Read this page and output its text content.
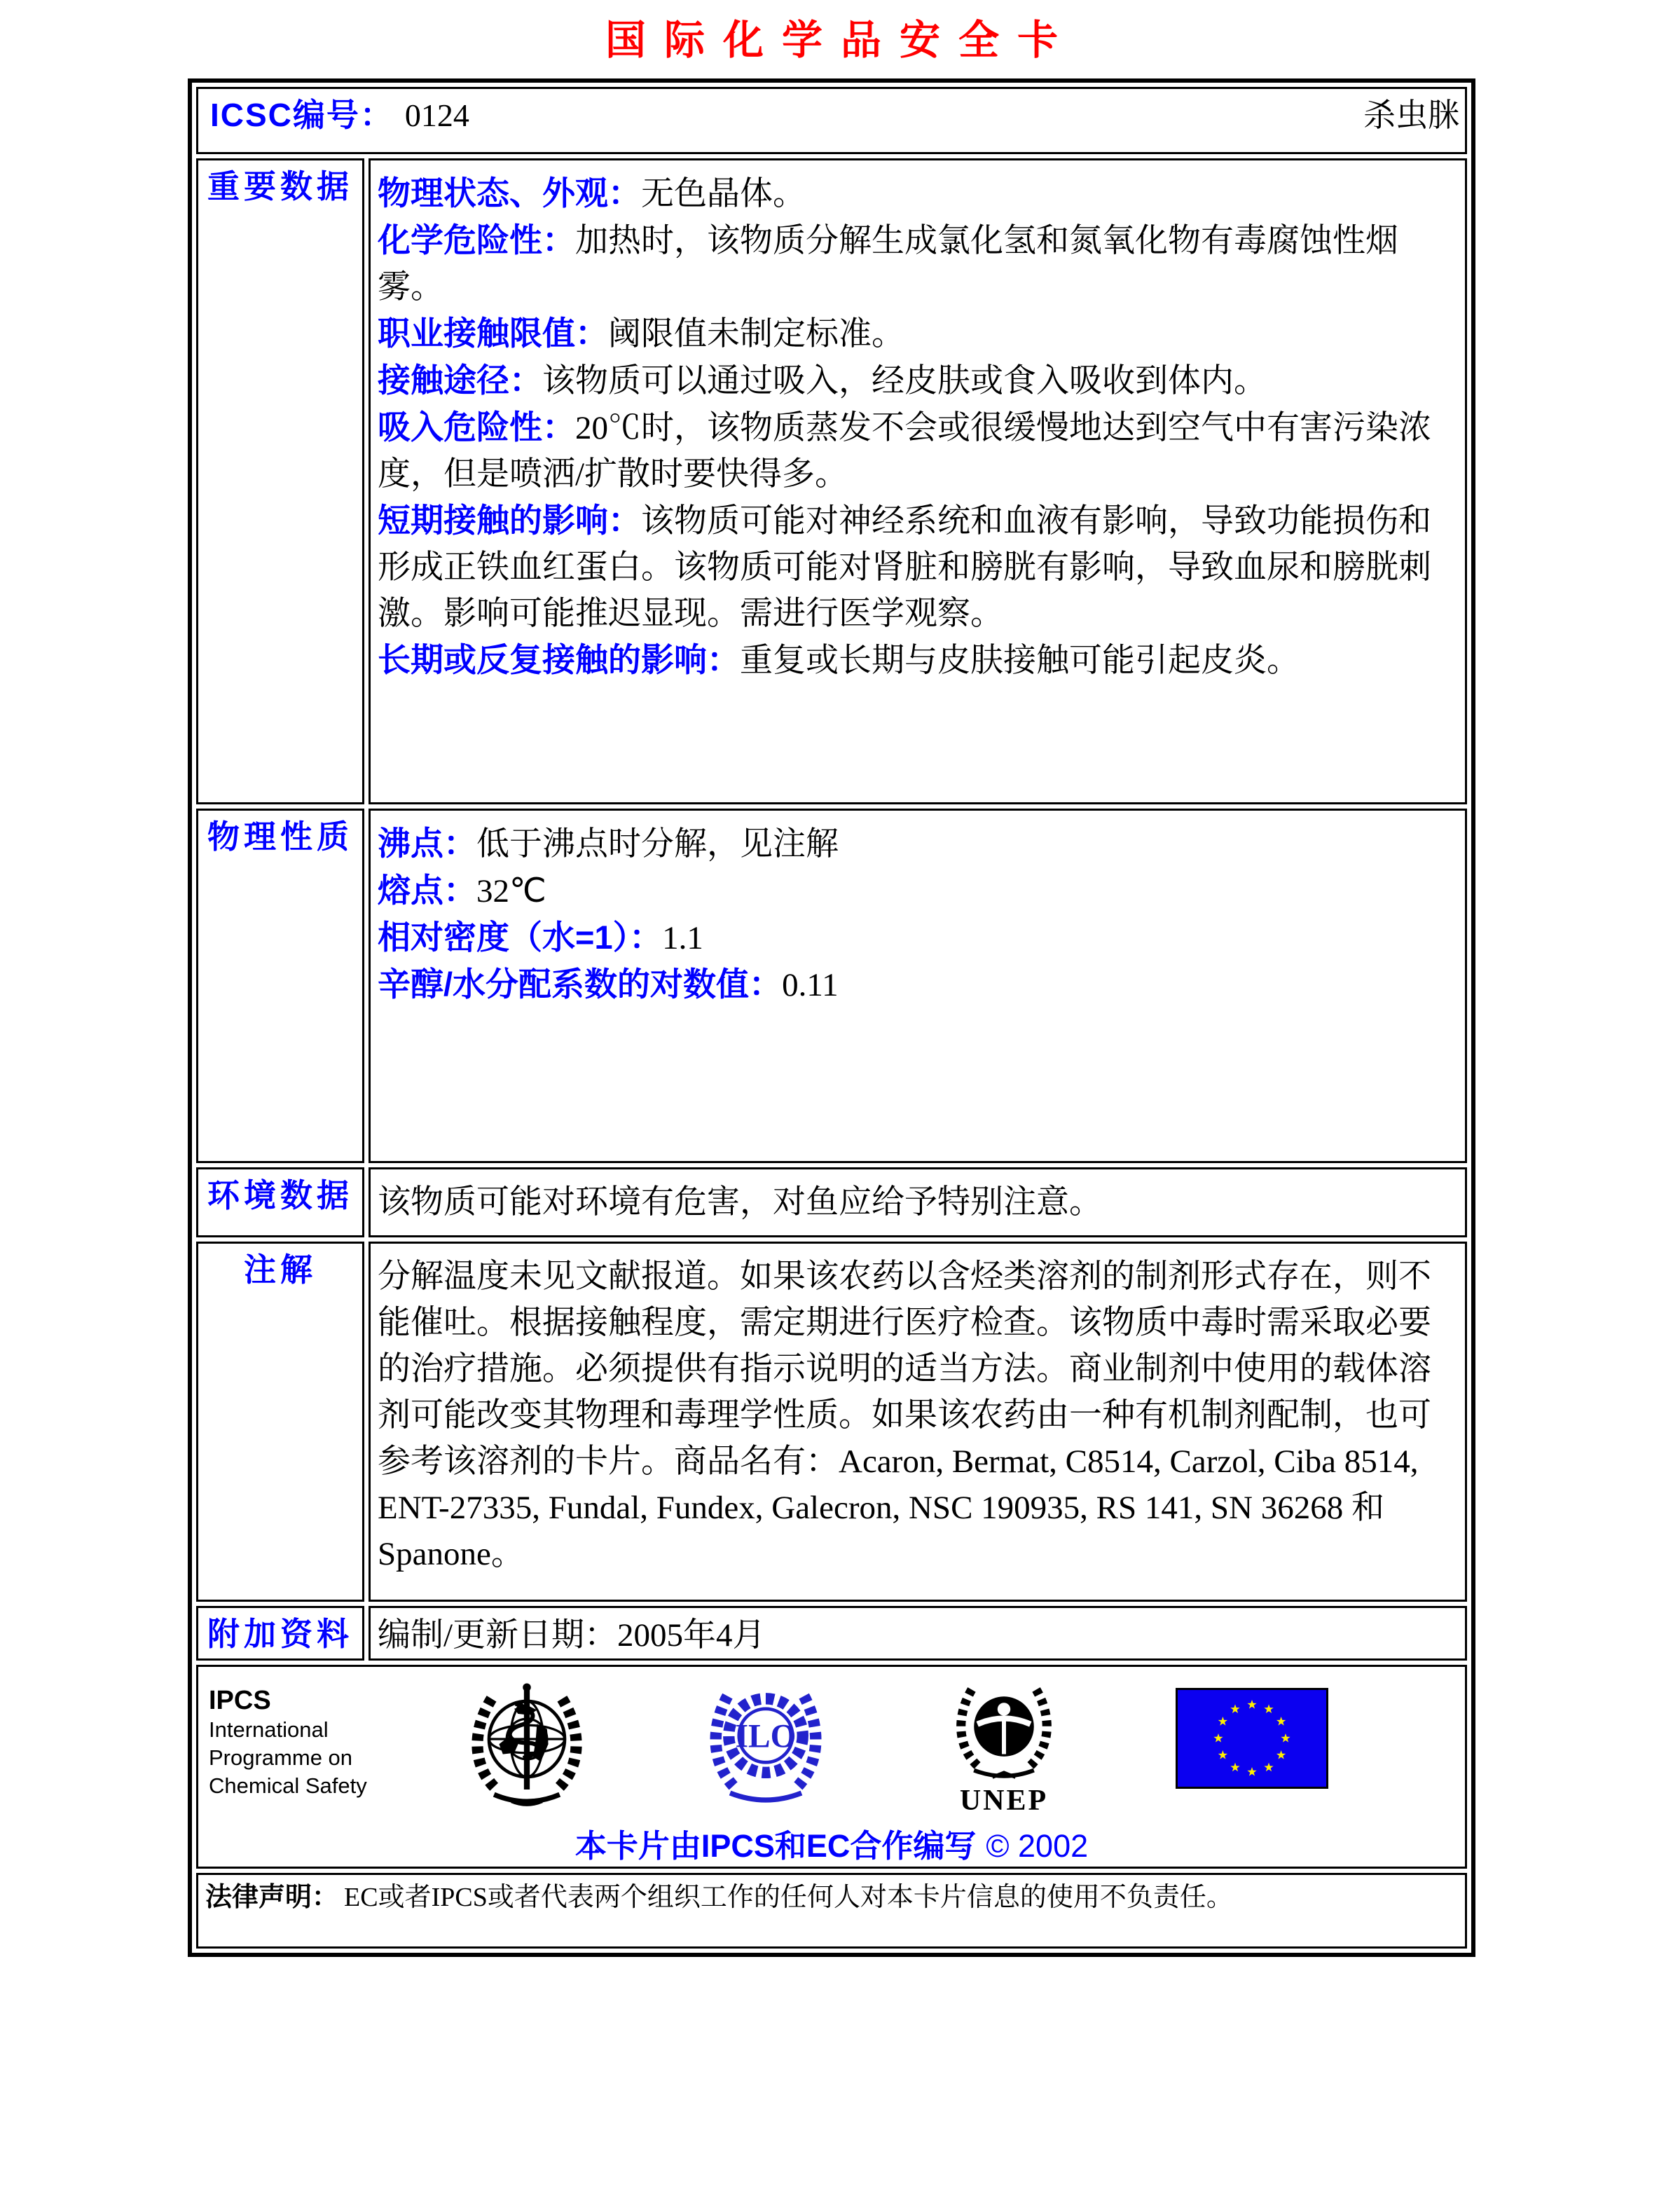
国际化学品安全卡
ICSC编号： 0124 杀虫脒	

重要数据	物理状态、外观：无色晶体。

化学危险性：加热时，该物质分解生成氯化氢和氮氧化物有毒腐蚀性烟雾。

职业接触限值：阈限值未制定标准。

接触途径：该物质可以通过吸入，经皮肤或食入吸收到体内。

吸入危险性：20℃时，该物质蒸发不会或很缓慢地达到空气中有害污染浓度，但是喷洒/扩散时要快得多。

短期接触的影响：该物质可能对神经系统和血液有影响，导致功能损伤和形成正铁血红蛋白。该物质可能对肾脏和膀胱有影响，导致血尿和膀胱刺激。影响可能推迟显现。需进行医学观察。

长期或反复接触的影响：重复或长期与皮肤接触可能引起皮炎。

物理性质	沸点：低于沸点时分解，见注解

熔点：32℃

相对密度（水=1）：1.1

辛醇/水分配系数的对数值：0.11

环境数据	该物质可能对环境有危害，对鱼应给予特别注意。

注解	分解温度未见文献报道。如果该农药以含烃类溶剂的制剂形式存在，则不能催吐。根据接触程度，需定期进行医疗检查。该物质中毒时需采取必要的治疗措施。必须提供有指示说明的适当方法。商业制剂中使用的载体溶剂可能改变其物理和毒理学性质。如果该农药由一种有机制剂配制，也可参考该溶剂的卡片。商品名有：Acaron, Bermat, C8514, Carzol, Ciba 8514, ENT-27335, Fundal, Fundex, Galecron, NSC 190935, RS 141, SN 36268 和 Spanone。

附加资料	编制/更新日期：2005年4月

IPCS
International
Programme on
Chemical Safety
ILO
UNEP
本卡片由IPCS和EC合作编写 © 2002

法律声明： EC或者IPCS或者代表两个组织工作的任何人对本卡片信息的使用不负责任。	
